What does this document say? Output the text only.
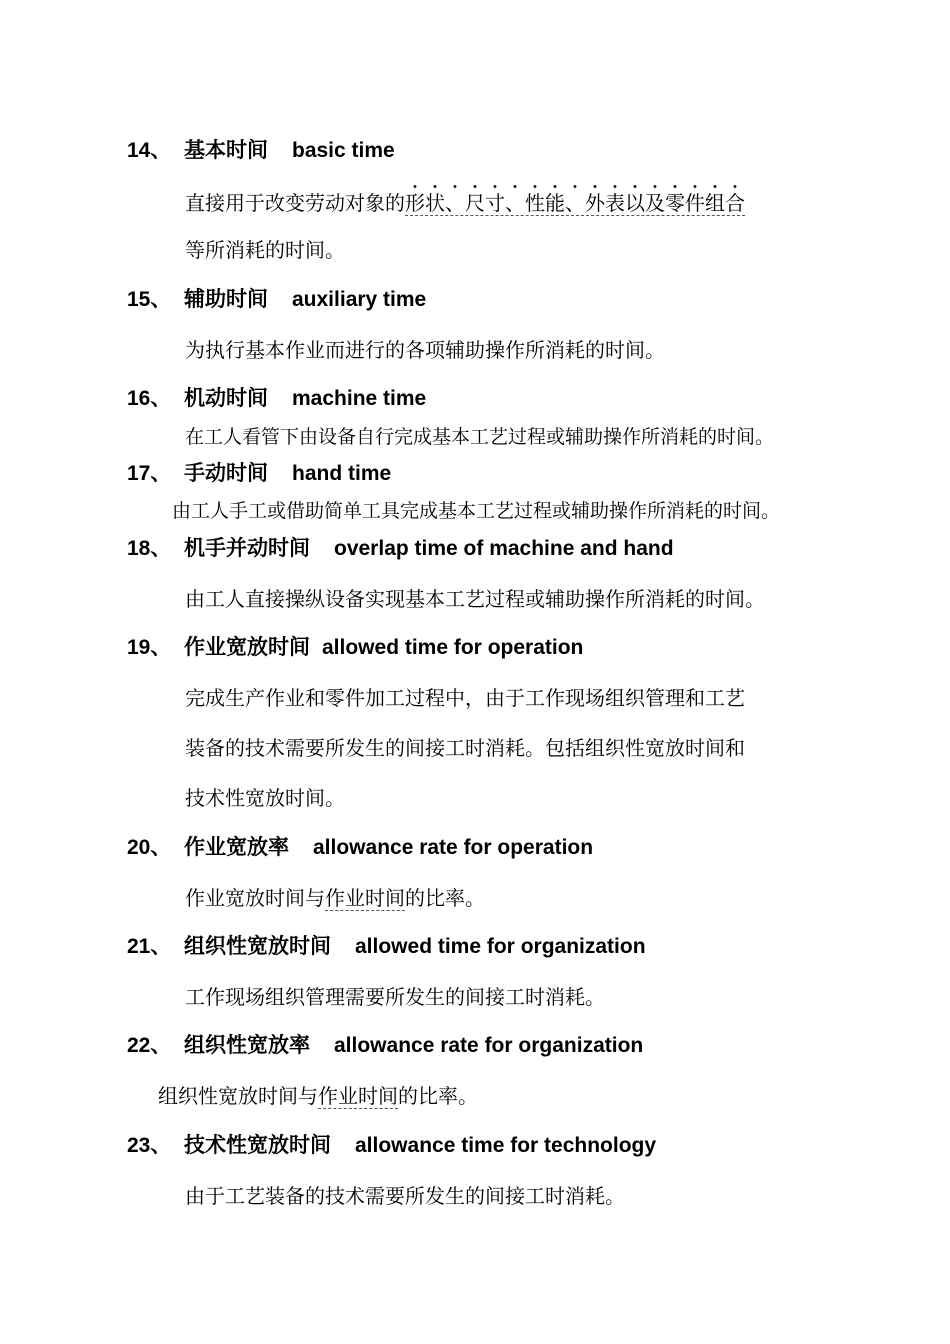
14、 基本时间 basic time
直接用于改变劳动对象的形状、尺寸、性能、外表以及零件组合
等所消耗的时间。
15、 辅助时间 auxiliary time
为执行基本作业而进行的各项辅助操作所消耗的时间。
16、 机动时间 machine time
在工人看管下由设备自行完成基本工艺过程或辅助操作所消耗的时间。
17、 手动时间 hand time
由工人手工或借助简单工具完成基本工艺过程或辅助操作所消耗的时间。
18、 机手并动时间 overlap time of machine and hand
由工人直接操纵设备实现基本工艺过程或辅助操作所消耗的时间。
19、 作业宽放时间 allowed time for operation
完成生产作业和零件加工过程中，由于工作现场组织管理和工艺
装备的技术需要所发生的间接工时消耗。包括组织性宽放时间和
技术性宽放时间。
20、 作业宽放率 allowance rate for operation
作业宽放时间与作业时间的比率。
21、 组织性宽放时间 allowed time for organization
工作现场组织管理需要所发生的间接工时消耗。
22、 组织性宽放率 allowance rate for organization
组织性宽放时间与作业时间的比率。
23、 技术性宽放时间 allowance time for technology
由于工艺装备的技术需要所发生的间接工时消耗。
